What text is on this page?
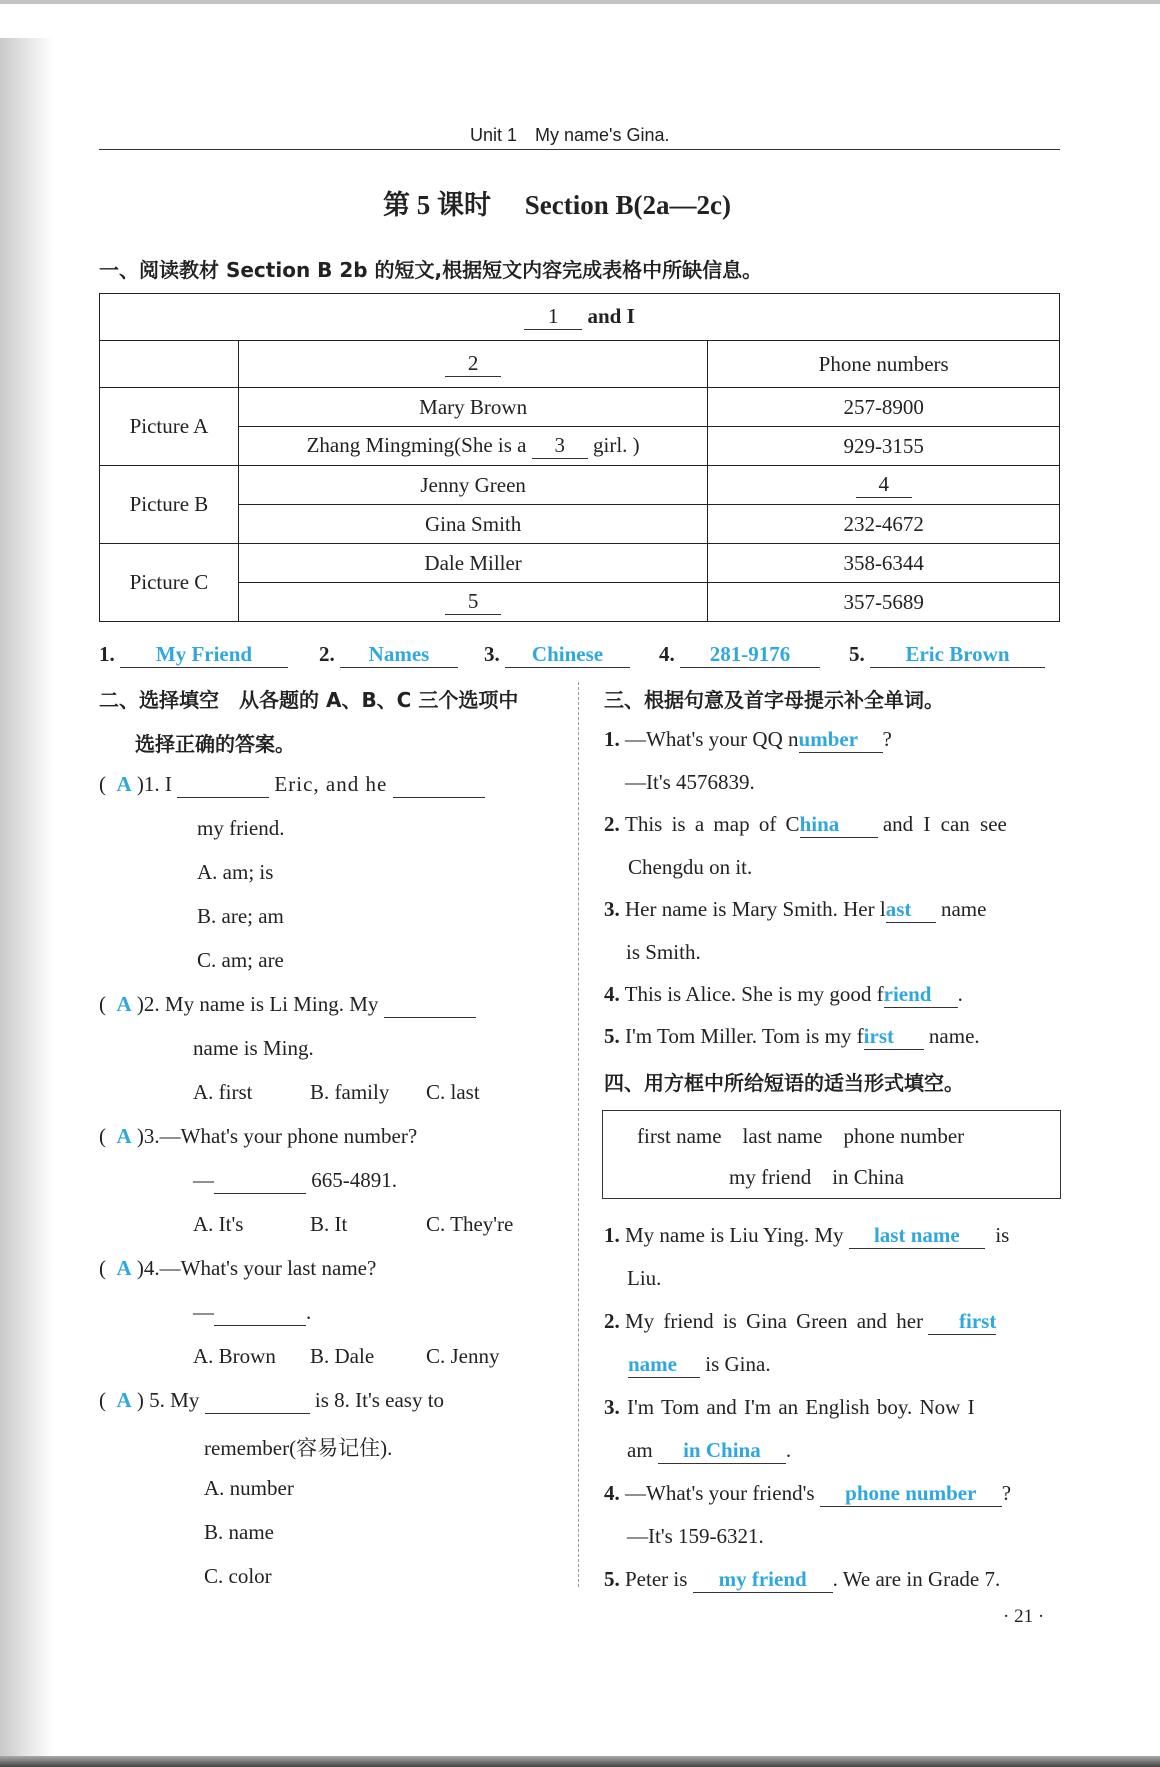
Unit 1　My name's Gina.
第 5 课时　 Section B(2a—2c)
一、阅读教材 Section B 2b 的短文,根据短文内容完成表格中所缺信息。
1 and I		
	2	Phone numbers
Picture A	Mary Brown	257-8900
	Zhang Mingming(She is a 3 girl. )	929-3155
Picture B	Jenny Green	4
	Gina Smith	232-4672
Picture C	Dale Miller	358-6344
	5	357-5689
1. My Friend	2. Names	3. Chinese	4. 281-9176	5. Eric Brown
二、选择填空　从各题的 A、B、C 三个选项中
选择正确的答案。
( A )1. I	Eric, and he
my friend.
A. am; is
B. are; am
C. am; are
( A )2. My name is Li Ming. My
name is Ming.
A. first	B. family C. last
( A )3.—What's your phone number?
—	665-4891.
A. It's	B. It	C. They're
( A )4.—What's your last name?
—	.
A. Brown B. Dale C. Jenny
( A ) 5. My	is 8. It's easy to
remember(容易记住).
A. number
B. name
C. color
三、根据句意及首字母提示补全单词。
1. —What's your QQ number ?
—It's 4576839.
2. This is a map of China and I can see
Chengdu on it.
3. Her name is Mary Smith. Her last name
is Smith.
4. This is Alice. She is my good friend .
5. I'm Tom Miller. Tom is my first name.
四、用方框中所给短语的适当形式填空。
first name　last name　phone number
my friend　in China
1. My name is Liu Ying. My last name is
Liu.
2. My friend is Gina Green and her first
name is Gina.
3. I'm Tom and I'm an English boy. Now I
am in China .
4. —What's your friend's phone number ?
—It's 159-6321.
5. Peter is my friend . We are in Grade 7.
· 21 ·
